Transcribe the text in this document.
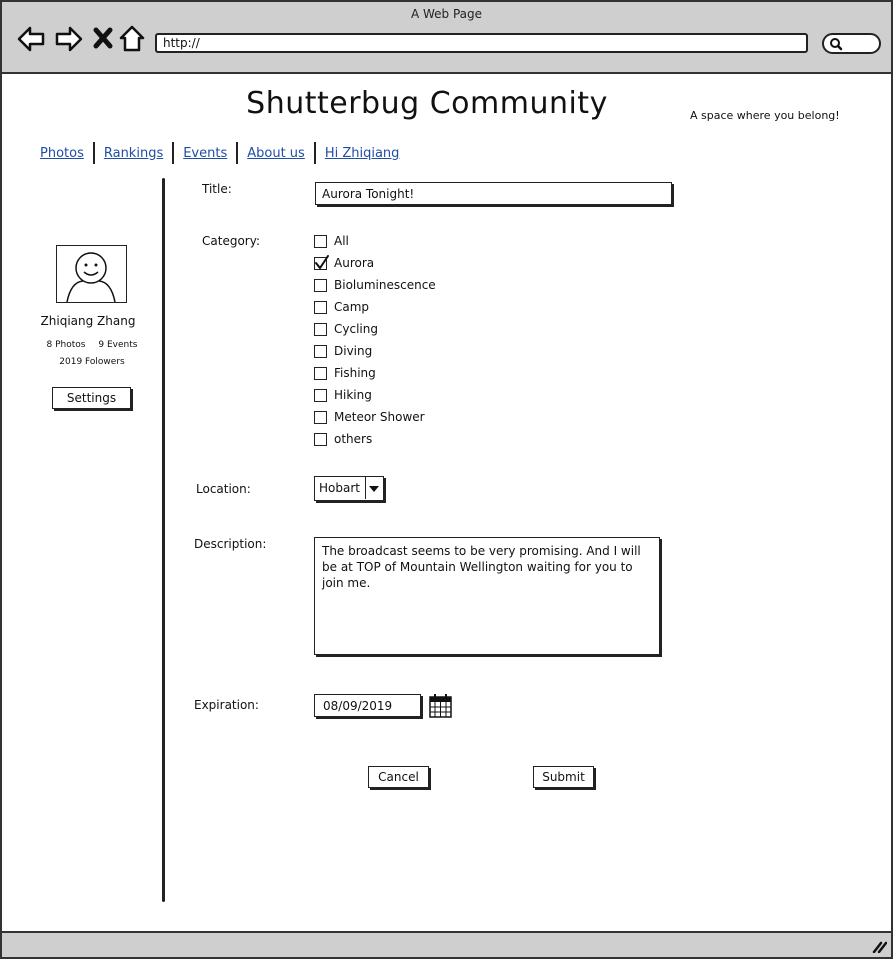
A Web Page
http://
Shutterbug Community	A space where you belong!
Photos	Rankings	Events	About us	Hi Zhiqiang
Zhiqiang Zhang
8 Photos 9 Events
2019 Folowers
Settings
Title:
Aurora Tonight!
Category:	All
Aurora
Bioluminescence
Camp
Cycling
Diving
Fishing
Hiking
Meteor Shower
others
Location:	Hobart
Description:
The broadcast seems to be very promising. And I will be at TOP of Mountain Wellington waiting for you to join me.
Expiration:
08/09/2019
Cancel	Submit
